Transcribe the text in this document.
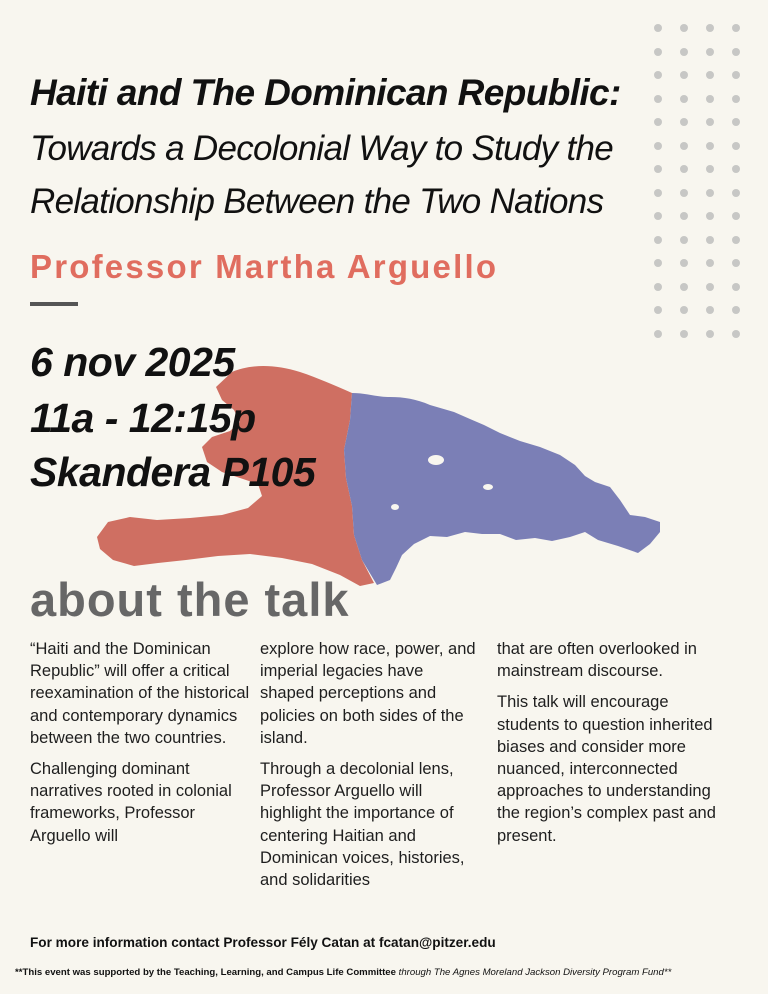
Haiti and The Dominican Republic:

Towards a Decolonial Way to Study the Relationship Between the Two Nations

Professor Martha Arguello
6 nov 2025
11a - 12:15p
Skandera P105
about the talk

“Haiti and the Dominican Republic” will offer a critical reexamination of the historical and contemporary dynamics between the two countries.

Challenging dominant narratives rooted in colonial frameworks, Professor Arguello will

explore how race, power, and imperial legacies have shaped perceptions and policies on both sides of the island.

Through a decolonial lens, Professor Arguello will highlight the importance of centering Haitian and Dominican voices, histories, and solidarities

that are often overlooked in mainstream discourse.

This talk will encourage students to question inherited biases and consider more nuanced, interconnected approaches to understanding the region’s complex past and present.

For more information contact Professor Fély Catan at fcatan@pitzer.edu
**This event was supported by the Teaching, Learning, and Campus Life Committee through The Agnes Moreland Jackson Diversity Program Fund**
